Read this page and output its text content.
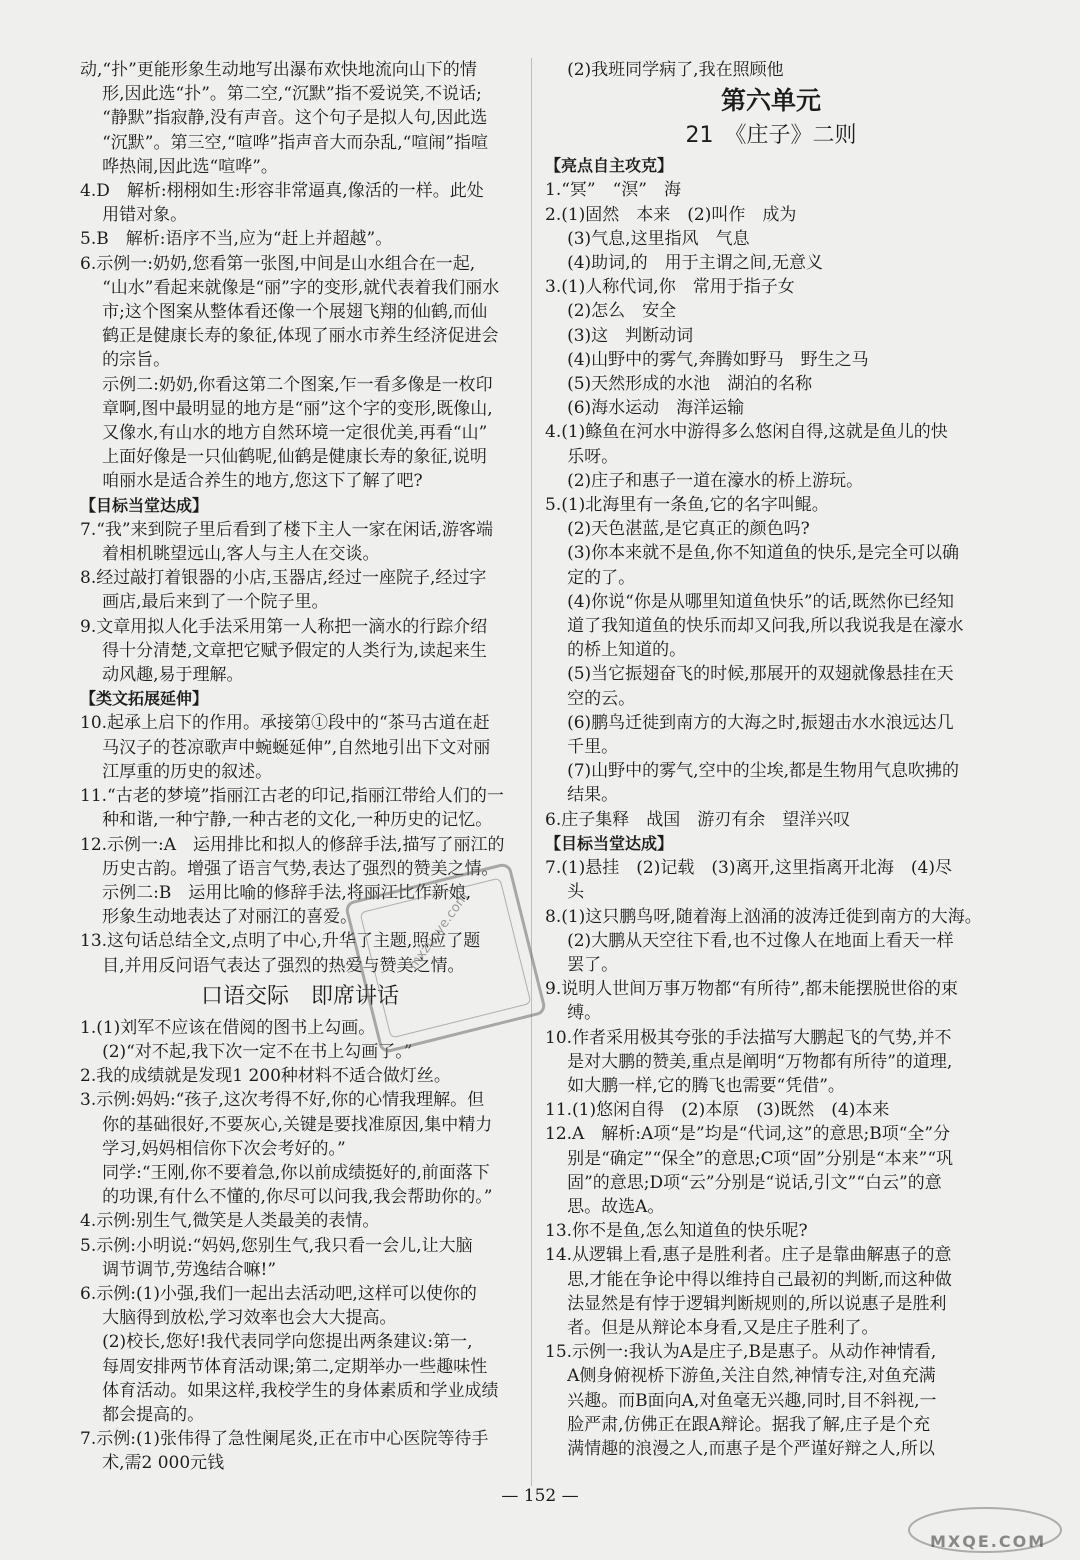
动,“扑”更能形象生动地写出瀑布欢快地流向山下的情
形,因此选“扑”。第二空,“沉默”指不爱说笑,不说话;
“静默”指寂静,没有声音。这个句子是拟人句,因此选
“沉默”。第三空,“喧哗”指声音大而杂乱,“喧闹”指喧
哗热闹,因此选“喧哗”。
4.D　解析:栩栩如生:形容非常逼真,像活的一样。此处
用错对象。
5.B　解析:语序不当,应为“赶上并超越”。
6.示例一:奶奶,您看第一张图,中间是山水组合在一起,
“山水”看起来就像是“丽”字的变形,就代表着我们丽水
市;这个图案从整体看还像一个展翅飞翔的仙鹤,而仙
鹤正是健康长寿的象征,体现了丽水市养生经济促进会
的宗旨。
示例二:奶奶,你看这第二个图案,乍一看多像是一枚印
章啊,图中最明显的地方是“丽”这个字的变形,既像山,
又像水,有山水的地方自然环境一定很优美,再看“山”
上面好像是一只仙鹤呢,仙鹤是健康长寿的象征,说明
咱丽水是适合养生的地方,您这下了解了吧?
【目标当堂达成】
7.“我”来到院子里后看到了楼下主人一家在闲话,游客端
着相机眺望远山,客人与主人在交谈。
8.经过敲打着银器的小店,玉器店,经过一座院子,经过字
画店,最后来到了一个院子里。
9.文章用拟人化手法采用第一人称把一滴水的行踪介绍
得十分清楚,文章把它赋予假定的人类行为,读起来生
动风趣,易于理解。
【类文拓展延伸】
10.起承上启下的作用。承接第①段中的“茶马古道在赶
马汉子的苍凉歌声中蜿蜒延伸”,自然地引出下文对丽
江厚重的历史的叙述。
11.“古老的梦境”指丽江古老的印记,指丽江带给人们的一
种和谐,一种宁静,一种古老的文化,一种历史的记忆。
12.示例一:A　运用排比和拟人的修辞手法,描写了丽江的
历史古韵。增强了语言气势,表达了强烈的赞美之情。
示例二:B　运用比喻的修辞手法,将丽江比作新娘,
形象生动地表达了对丽江的喜爱。
13.这句话总结全文,点明了中心,升华了主题,照应了题
目,并用反问语气表达了强烈的热爱与赞美之情。
口语交际　即席讲话
1.(1)刘军不应该在借阅的图书上勾画。
(2)“对不起,我下次一定不在书上勾画了。”
2.我的成绩就是发现1 200种材料不适合做灯丝。
3.示例:妈妈:“孩子,这次考得不好,你的心情我理解。但
你的基础很好,不要灰心,关键是要找准原因,集中精力
学习,妈妈相信你下次会考好的。”
同学:“王刚,你不要着急,你以前成绩挺好的,前面落下
的功课,有什么不懂的,你尽可以问我,我会帮助你的。”
4.示例:别生气,微笑是人类最美的表情。
5.示例:小明说:“妈妈,您别生气,我只看一会儿,让大脑
调节调节,劳逸结合嘛!”
6.示例:(1)小强,我们一起出去活动吧,这样可以使你的
大脑得到放松,学习效率也会大大提高。
(2)校长,您好!我代表同学向您提出两条建议:第一,
每周安排两节体育活动课;第二,定期举办一些趣味性
体育活动。如果这样,我校学生的身体素质和学业成绩
都会提高的。
7.示例:(1)张伟得了急性阑尾炎,正在市中心医院等待手
术,需2 000元钱
(2)我班同学病了,我在照顾他
第六单元
21　《庄子》二则
【亮点自主攻克】
1.“冥”　“溟”　海
2.(1)固然　本来　(2)叫作　成为
(3)气息,这里指风　气息
(4)助词,的　用于主谓之间,无意义
3.(1)人称代词,你　常用于指子女
(2)怎么　安全
(3)这　判断动词
(4)山野中的雾气,奔腾如野马　野生之马
(5)天然形成的水池　湖泊的名称
(6)海水运动　海洋运输
4.(1)鲦鱼在河水中游得多么悠闲自得,这就是鱼儿的快
乐呀。
(2)庄子和惠子一道在濠水的桥上游玩。
5.(1)北海里有一条鱼,它的名字叫鲲。
(2)天色湛蓝,是它真正的颜色吗?
(3)你本来就不是鱼,你不知道鱼的快乐,是完全可以确
定的了。
(4)你说“你是从哪里知道鱼快乐”的话,既然你已经知
道了我知道鱼的快乐而却又问我,所以我说我是在濠水
的桥上知道的。
(5)当它振翅奋飞的时候,那展开的双翅就像悬挂在天
空的云。
(6)鹏鸟迁徙到南方的大海之时,振翅击水水浪远达几
千里。
(7)山野中的雾气,空中的尘埃,都是生物用气息吹拂的
结果。
6.庄子集释　战国　游刃有余　望洋兴叹
【目标当堂达成】
7.(1)悬挂　(2)记载　(3)离开,这里指离开北海　(4)尽
头
8.(1)这只鹏鸟呀,随着海上汹涌的波涛迁徙到南方的大海。
(2)大鹏从天空往下看,也不过像人在地面上看天一样
罢了。
9.说明人世间万事万物都“有所待”,都未能摆脱世俗的束
缚。
10.作者采用极其夸张的手法描写大鹏起飞的气势,并不
是对大鹏的赞美,重点是阐明“万物都有所待”的道理,
如大鹏一样,它的腾飞也需要“凭借”。
11.(1)悠闲自得　(2)本原　(3)既然　(4)本来
12.A　解析:A项“是”均是“代词,这”的意思;B项“全”分
别是“确定”“保全”的意思;C项“固”分别是“本来”“巩
固”的意思;D项“云”分别是“说话,引文”“白云”的意
思。故选A。
13.你不是鱼,怎么知道鱼的快乐呢?
14.从逻辑上看,惠子是胜利者。庄子是靠曲解惠子的意
思,才能在争论中得以维持自己最初的判断,而这种做
法显然是有悖于逻辑判断规则的,所以说惠子是胜利
者。但是从辩论本身看,又是庄子胜利了。
15.示例一:我认为A是庄子,B是惠子。从动作神情看,
A侧身俯视桥下游鱼,关注自然,神情专注,对鱼充满
兴趣。而B面向A,对鱼毫无兴趣,同时,目不斜视,一
脸严肃,仿佛正在跟A辩论。据我了解,庄子是个充
满情趣的浪漫之人,而惠子是个严谨好辩之人,所以
mxzuoye.com
— 152 —
MXQE.COM
